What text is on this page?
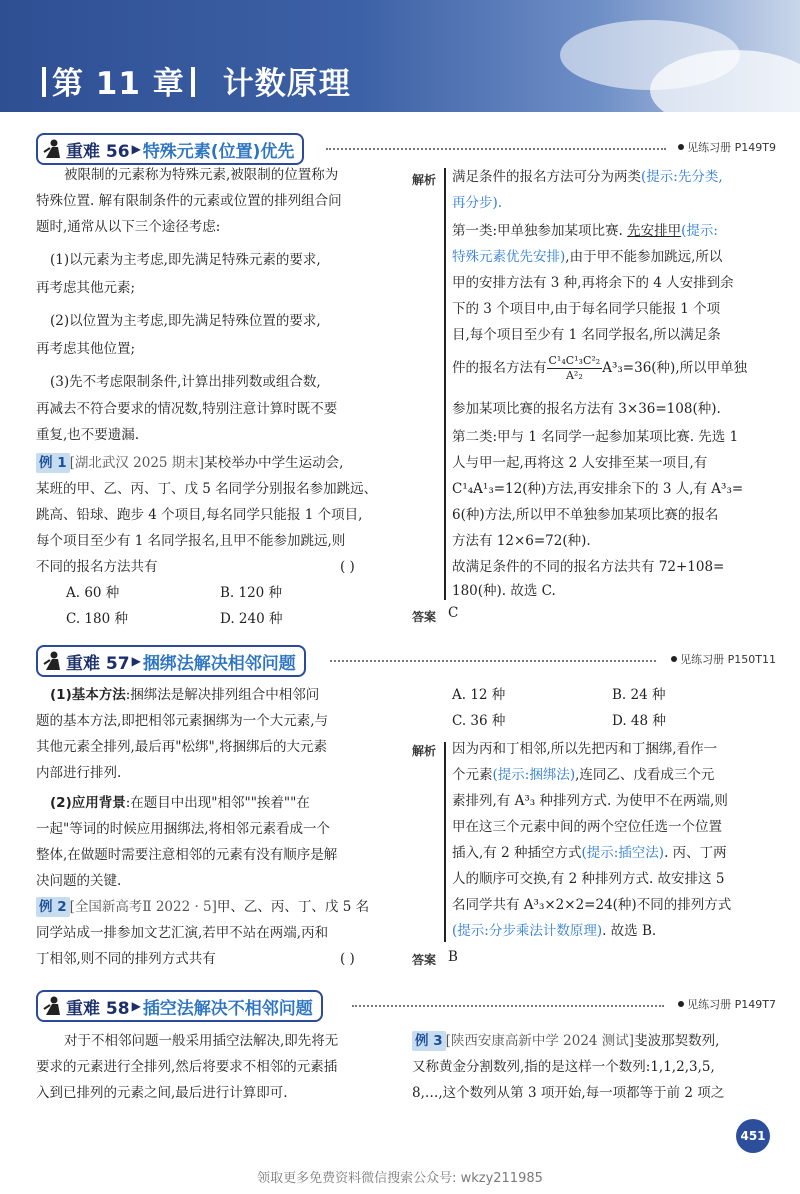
第 11 章 计数原理
重难 56 ▶ 特殊元素(位置)优先	见练习册 P149T9
被限制的元素称为特殊元素,被限制的位置称为
特殊位置. 解有限制条件的元素或位置的排列组合问
题时,通常从以下三个途径考虑:
(1)以元素为主考虑,即先满足特殊元素的要求,
再考虑其他元素;
(2)以位置为主考虑,即先满足特殊位置的要求,
再考虑其他位置;
(3)先不考虑限制条件,计算出排列数或组合数,
再减去不符合要求的情况数,特别注意计算时既不要
重复,也不要遗漏.
例 1 [湖北武汉 2025 期末]某校举办中学生运动会,
某班的甲、乙、丙、丁、戊 5 名同学分别报名参加跳远、
跳高、铅球、跑步 4 个项目,每名同学只能报 1 个项目,
每个项目至少有 1 名同学报名,且甲不能参加跳远,则
不同的报名方法共有	( )
A. 60 种	B. 120 种
C. 180 种	D. 240 种
解析 满足条件的报名方法可分为两类(提示:先分类,
再分步).
第一类:甲单独参加某项比赛. 先安排甲(提示:
特殊元素优先安排),由于甲不能参加跳远,所以
甲的安排方法有 3 种,再将余下的 4 人安排到余
下的 3 个项目中,由于每名同学只能报 1 个项
目,每个项目至少有 1 名同学报名,所以满足条
件的报名方法有 $\frac{\text{C¹₄C¹₃C²₂}}{\text{A²₂}} A^3_3=36$(种),所以甲单独
参加某项比赛的报名方法有 3×36=108(种).
第二类:甲与 1 名同学一起参加某项比赛. 先选 1
人与甲一起,再将这 2 人安排至某一项目,有
C¹₄A¹₃=12(种)方法,再安排余下的 3 人,有 A³₃=
6(种)方法,所以甲不单独参加某项比赛的报名
方法有 12×6=72(种).
故满足条件的不同的报名方法共有 72+108=
180(种). 故选 C.
答案 C
重难 57 ▶ 捆绑法解决相邻问题	见练习册 P150T11
(1)基本方法:捆绑法是解决排列组合中相邻问
题的基本方法,即把相邻元素捆绑为一个大元素,与
其他元素全排列,最后再"松绑",将捆绑后的大元素
内部进行排列.
(2)应用背景:在题目中出现"相邻""挨着""在
一起"等词的时候应用捆绑法,将相邻元素看成一个
整体,在做题时需要注意相邻的元素有没有顺序是解
决问题的关键.
例 2 [全国新高考Ⅱ 2022 · 5]甲、乙、丙、丁、戊 5 名
同学站成一排参加文艺汇演,若甲不站在两端,丙和
丁相邻,则不同的排列方式共有	( )
A. 12 种	B. 24 种
C. 36 种	D. 48 种
解析 因为丙和丁相邻,所以先把丙和丁捆绑,看作一
个元素(提示:捆绑法),连同乙、戊看成三个元
素排列,有 A³₃ 种排列方式. 为使甲不在两端,则
甲在这三个元素中间的两个空位任选一个位置
插入,有 2 种插空方式(提示:插空法). 丙、丁两
人的顺序可交换,有 2 种排列方式. 故安排这 5
名同学共有 A³₃×2×2=24(种)不同的排列方式
(提示:分步乘法计数原理). 故选 B.
答案 B
重难 58 ▶ 插空法解决不相邻问题	见练习册 P149T7
对于不相邻问题一般采用插空法解决,即先将无
要求的元素进行全排列,然后将要求不相邻的元素插
入到已排列的元素之间,最后进行计算即可.
例 3 [陕西安康高新中学 2024 测试]斐波那契数列,
又称黄金分割数列,指的是这样一个数列:1,1,2,3,5,
8,…,这个数列从第 3 项开始,每一项都等于前 2 项之
451
领取更多免费资料微信搜索公众号: wkzy211985
